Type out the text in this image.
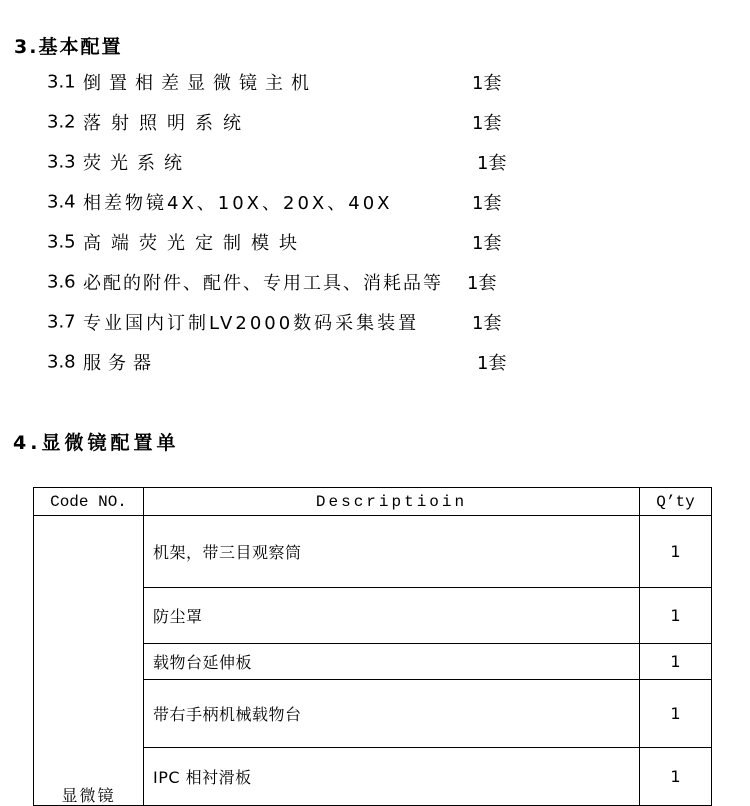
3.基本配置
3.1 倒置相差显微镜主机	1套
3.2 落射照明系统	1套
3.3 荧光系统	1套
3.4 相差物镜4X、10X、20X、40X	1套
3.5 高端荧光定制模块	1套
3.6 必配的附件、配件、专用工具、消耗品等 1套
3.7 专业国内订制LV2000数码采集装置	1套
3.8 服务器	1套
4.显微镜配置单
Code NO.	Descriptioin	Q’ty

显微镜	机架，带三目观察筒	1
	防尘罩	1
	载物台延伸板	1
	带右手柄机械载物台	1
	IPC 相衬滑板	1
